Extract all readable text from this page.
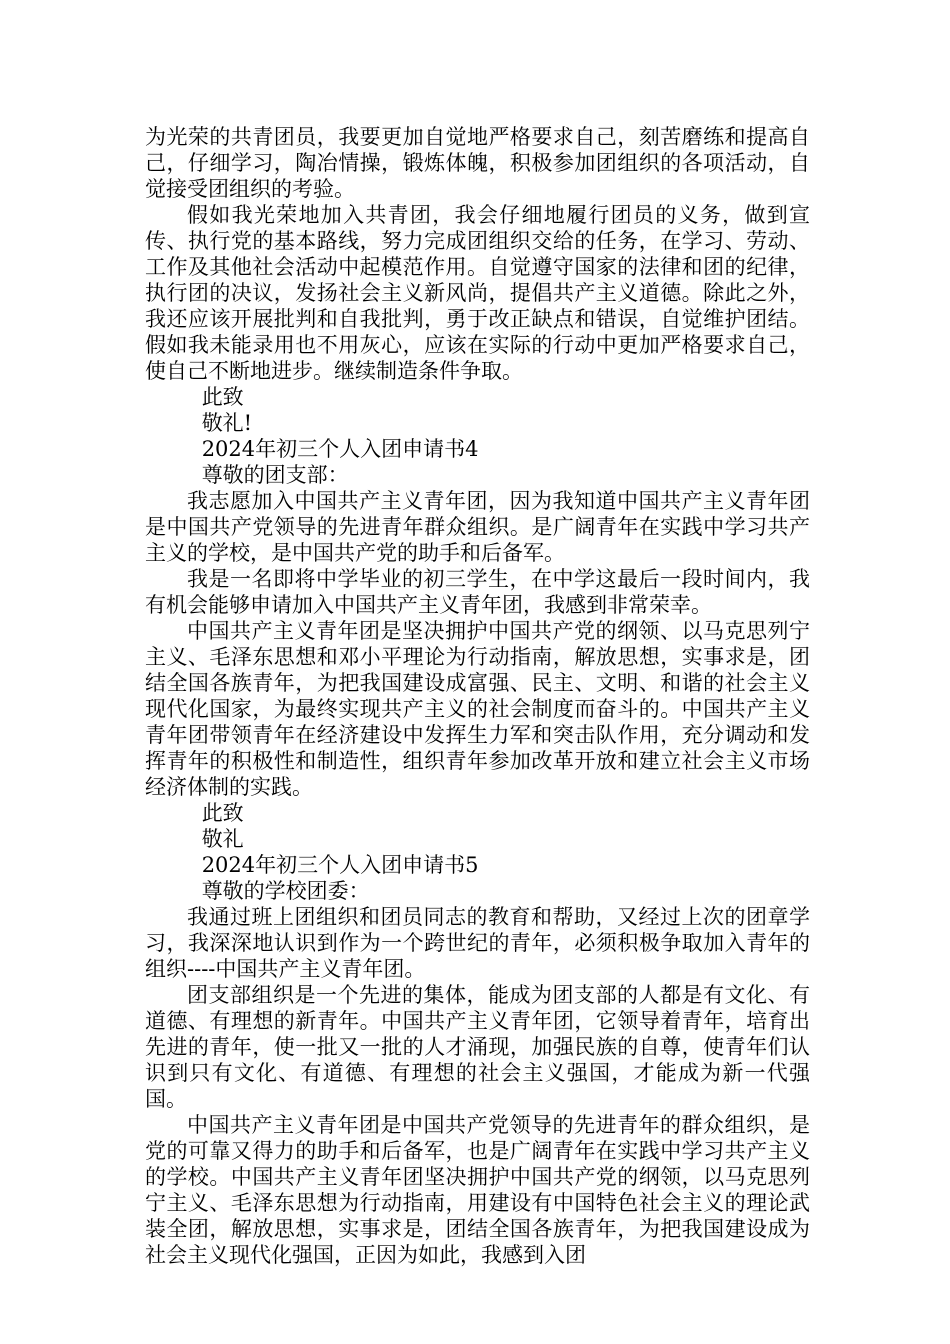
为光荣的共青团员，我要更加自觉地严格要求自己，刻苦磨练和提高自己，仔细学习，陶冶情操，锻炼体魄，积极参加团组织的各项活动，自觉接受团组织的考验。

假如我光荣地加入共青团，我会仔细地履行团员的义务，做到宣传、执行党的基本路线，努力完成团组织交给的任务，在学习、劳动、工作及其他社会活动中起模范作用。自觉遵守国家的法律和团的纪律，执行团的决议，发扬社会主义新风尚，提倡共产主义道德。除此之外，我还应该开展批判和自我批判，勇于改正缺点和错误，自觉维护团结。假如我未能录用也不用灰心，应该在实际的行动中更加严格要求自己，使自己不断地进步。继续制造条件争取。

此致

敬礼!

2024年初三个人入团申请书4

尊敬的团支部：

我志愿加入中国共产主义青年团，因为我知道中国共产主义青年团是中国共产党领导的先进青年群众组织。是广阔青年在实践中学习共产主义的学校，是中国共产党的助手和后备军。

我是一名即将中学毕业的初三学生，在中学这最后一段时间内，我有机会能够申请加入中国共产主义青年团，我感到非常荣幸。

中国共产主义青年团是坚决拥护中国共产党的纲领、以马克思列宁主义、毛泽东思想和邓小平理论为行动指南，解放思想，实事求是，团结全国各族青年，为把我国建设成富强、民主、文明、和谐的社会主义现代化国家，为最终实现共产主义的社会制度而奋斗的。中国共产主义青年团带领青年在经济建设中发挥生力军和突击队作用，充分调动和发挥青年的积极性和制造性，组织青年参加改革开放和建立社会主义市场经济体制的实践。

此致

敬礼

2024年初三个人入团申请书5

尊敬的学校团委：

我通过班上团组织和团员同志的教育和帮助，又经过上次的团章学习，我深深地认识到作为一个跨世纪的青年，必须积极争取加入青年的组织----中国共产主义青年团。

团支部组织是一个先进的集体，能成为团支部的人都是有文化、有道德、有理想的新青年。中国共产主义青年团，它领导着青年，培育出先进的青年，使一批又一批的人才涌现，加强民族的自尊，使青年们认识到只有文化、有道德、有理想的社会主义强国，才能成为新一代强国。

中国共产主义青年团是中国共产党领导的先进青年的群众组织，是党的可靠又得力的助手和后备军，也是广阔青年在实践中学习共产主义的学校。中国共产主义青年团坚决拥护中国共产党的纲领，以马克思列宁主义、毛泽东思想为行动指南，用建设有中国特色社会主义的理论武装全团，解放思想，实事求是，团结全国各族青年，为把我国建设成为社会主义现代化强国，正因为如此，我感到入团
